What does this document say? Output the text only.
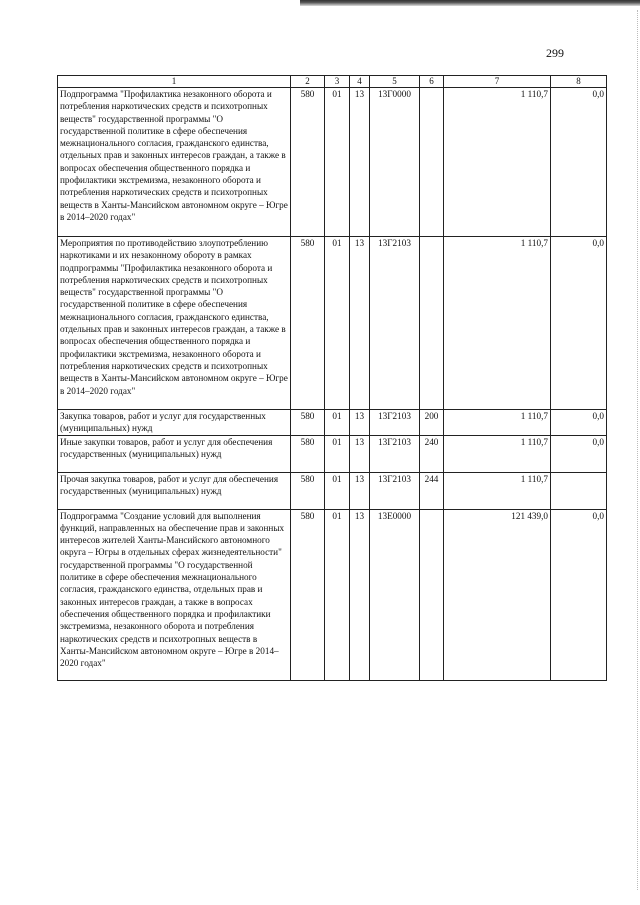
299
1	2	3	4	5	6	7	8
Подпрограмма "Профилактика незаконного оборота и потребления наркотических средств и психотропных веществ" государственной программы "О государственной политике в сфере обеспечения межнационального согласия, гражданского единства, отдельных прав и законных интересов граждан, а также в вопросах обеспечения общественного порядка и профилактики экстремизма, незаконного оборота и потребления наркотических средств и психотропных веществ в Ханты-Мансийском автономном округе – Югре в 2014–2020 годах"	580	01	13	13Г0000		1 110,7	0,0
Мероприятия по противодействию злоупотреблению наркотиками и их незаконному обороту в рамках подпрограммы "Профилактика незаконного оборота и потребления наркотических средств и психотропных веществ" государственной программы "О государственной политике в сфере обеспечения межнационального согласия, гражданского единства, отдельных прав и законных интересов граждан, а также в вопросах обеспечения общественного порядка и профилактики экстремизма, незаконного оборота и потребления наркотических средств и психотропных веществ в Ханты-Мансийском автономном округе – Югре в 2014–2020 годах"	580	01	13	13Г2103		1 110,7	0,0
Закупка товаров, работ и услуг для государственных (муниципальных) нужд	580	01	13	13Г2103	200	1 110,7	0,0
Иные закупки товаров, работ и услуг для обеспечения государственных (муниципальных) нужд	580	01	13	13Г2103	240	1 110,7	0,0
Прочая закупка товаров, работ и услуг для обеспечения государственных (муниципальных) нужд	580	01	13	13Г2103	244	1 110,7	
Подпрограмма "Создание условий для выполнения функций, направленных на обеспечение прав и законных интересов жителей Ханты-Мансийского автономного округа – Югры в отдельных сферах жизнедеятельности" государственной программы "О государственной политике в сфере обеспечения межнационального согласия, гражданского единства, отдельных прав и законных интересов граждан, а также в вопросах обеспечения общественного порядка и профилактики экстремизма, незаконного оборота и потребления наркотических средств и психотропных веществ в Ханты-Мансийском автономном округе – Югре в 2014–2020 годах"	580	01	13	13Е0000		121 439,0	0,0
